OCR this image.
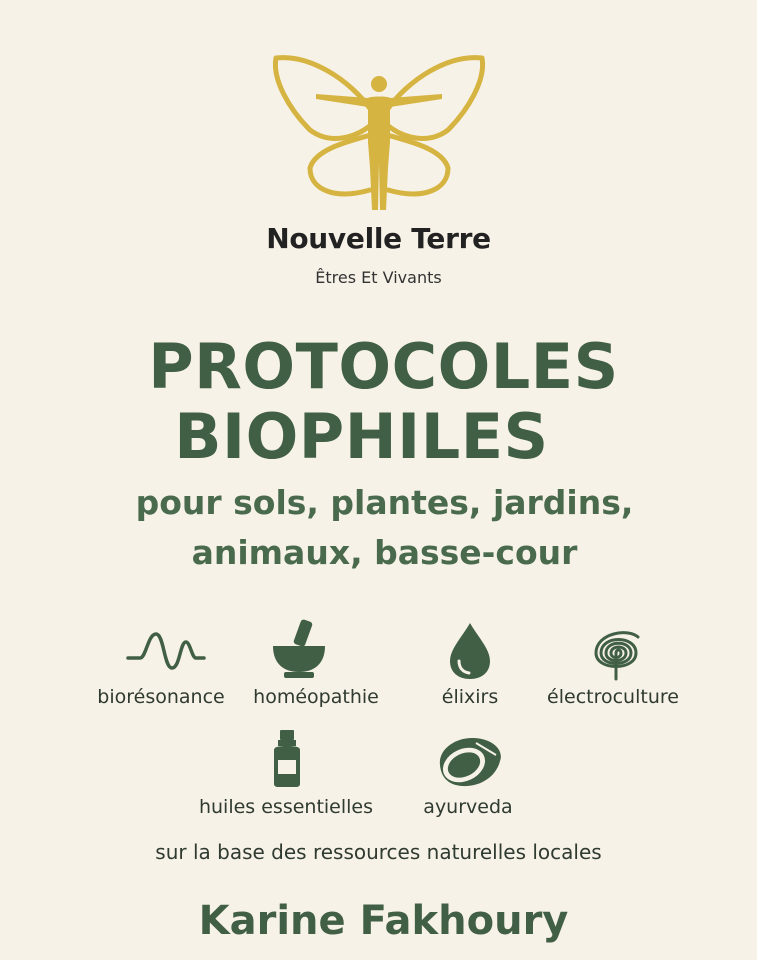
Nouvelle Terre
Êtres Et Vivants
PROTOCOLES
BIOPHILES
pour sols, plantes, jardins,
animaux, basse-cour
biorésonance	homéopathie	élixirs	électroculture
huiles essentielles	ayurveda
sur la base des ressources naturelles locales
Karine Fakhoury
